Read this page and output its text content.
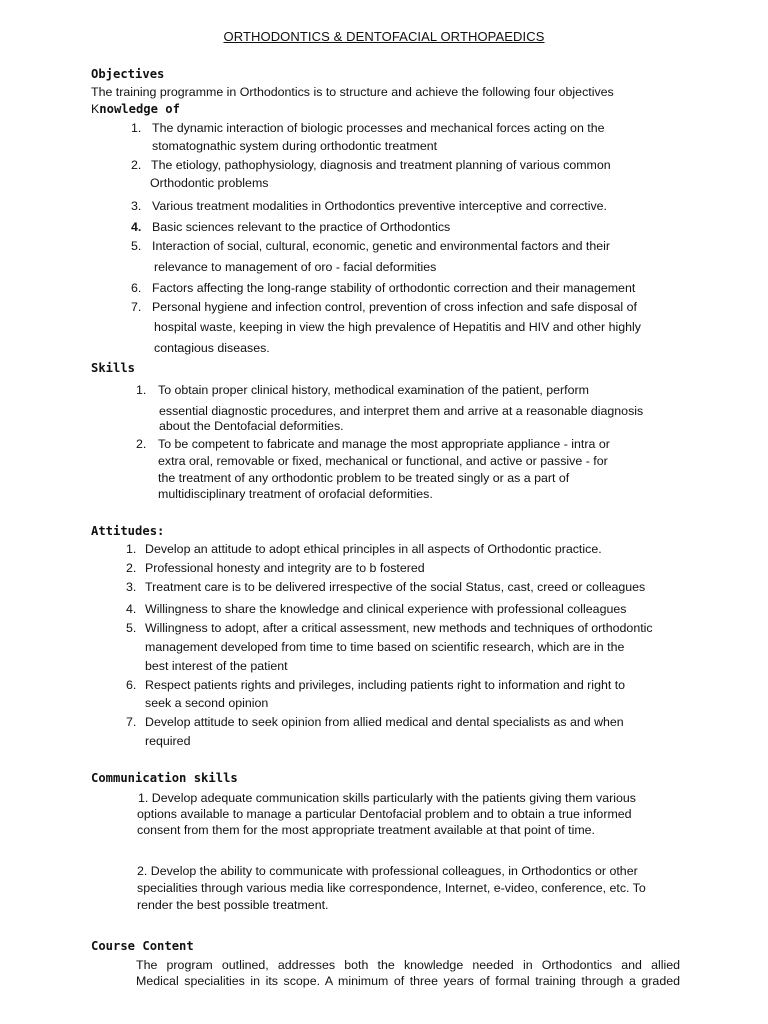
ORTHODONTICS & DENTOFACIAL ORTHOPAEDICS
Objectives
The training programme in Orthodontics is to structure and achieve the following four objectives
Knowledge of
1. The dynamic interaction of biologic processes and mechanical forces acting on the
stomatognathic system during orthodontic treatment
2. The etiology, pathophysiology, diagnosis and treatment planning of various common
Orthodontic problems
3. Various treatment modalities in Orthodontics preventive interceptive and corrective.
4. Basic sciences relevant to the practice of Orthodontics
5. Interaction of social, cultural, economic, genetic and environmental factors and their
relevance to management of oro - facial deformities
6. Factors affecting the long-range stability of orthodontic correction and their management
7. Personal hygiene and infection control, prevention of cross infection and safe disposal of
hospital waste, keeping in view the high prevalence of Hepatitis and HIV and other highly
contagious diseases.
Skills
1. To obtain proper clinical history, methodical examination of the patient, perform
essential diagnostic procedures, and interpret them and arrive at a reasonable diagnosis
about the Dentofacial deformities.
2. To be competent to fabricate and manage the most appropriate appliance - intra or
extra oral, removable or fixed, mechanical or functional, and active or passive - for
the treatment of any orthodontic problem to be treated singly or as a part of
multidisciplinary treatment of orofacial deformities.
Attitudes:
1. Develop an attitude to adopt ethical principles in all aspects of Orthodontic practice.
2. Professional honesty and integrity are to b fostered
3. Treatment care is to be delivered irrespective of the social Status, cast, creed or colleagues
4. Willingness to share the knowledge and clinical experience with professional colleagues
5. Willingness to adopt, after a critical assessment, new methods and techniques of orthodontic
management developed from time to time based on scientific research, which are in the
best interest of the patient
6. Respect patients rights and privileges, including patients right to information and right to
seek a second opinion
7. Develop attitude to seek opinion from allied medical and dental specialists as and when
required
Communication skills
1. Develop adequate communication skills particularly with the patients giving them various
options available to manage a particular Dentofacial problem and to obtain a true informed
consent from them for the most appropriate treatment available at that point of time.
2. Develop the ability to communicate with professional colleagues, in Orthodontics or other
specialities through various media like correspondence, Internet, e-video, conference, etc. To
render the best possible treatment.
Course Content
The program outlined, addresses both the knowledge needed in Orthodontics and allied
Medical specialities in its scope. A minimum of three years of formal training through a graded
